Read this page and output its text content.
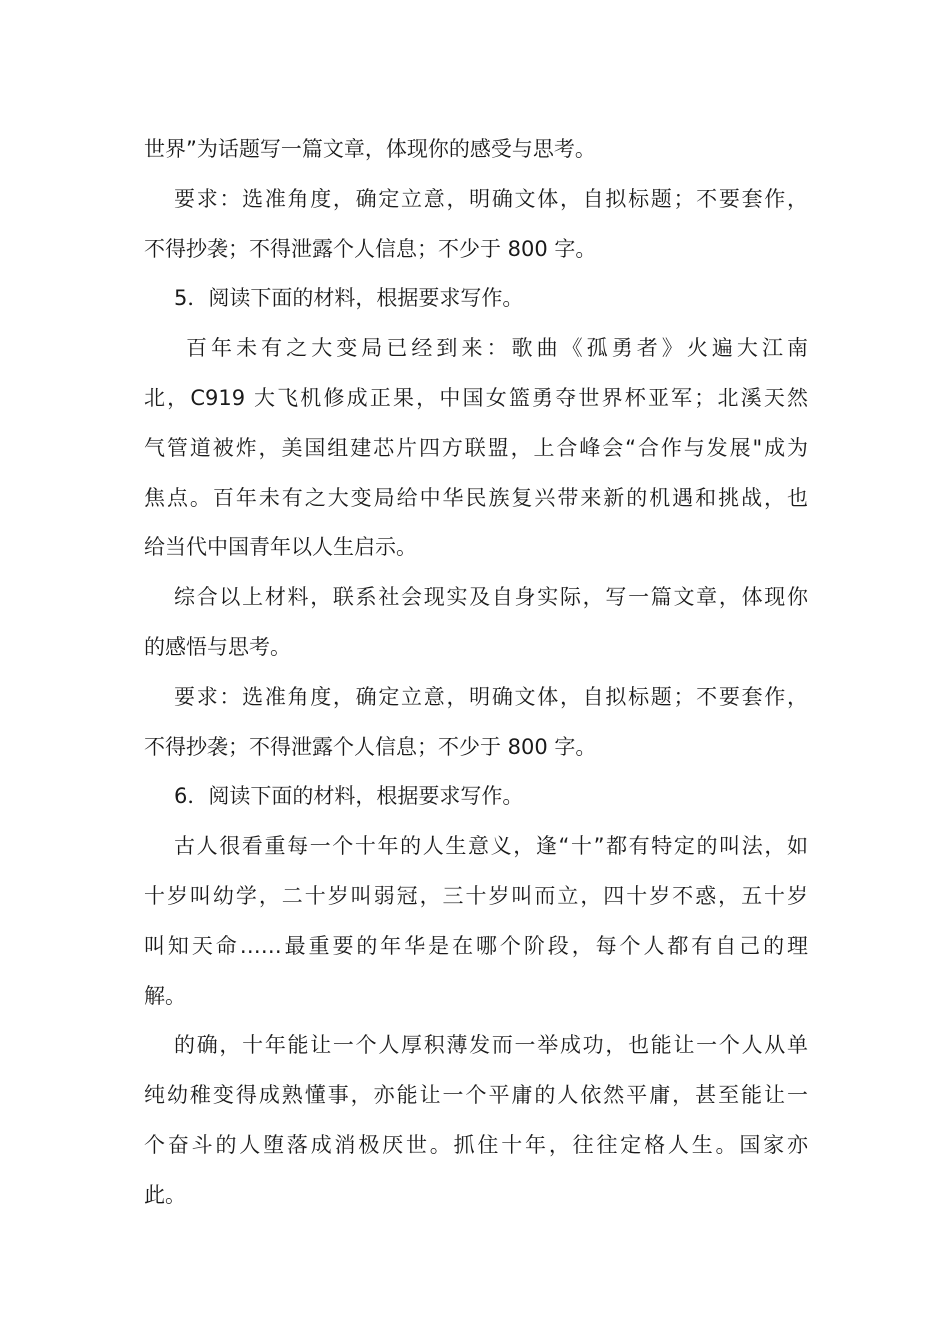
世界”为话题写一篇文章，体现你的感受与思考。
要求：选准角度，确定立意，明确文体，自拟标题；不要套作，
不得抄袭；不得泄露个人信息；不少于 800 字。
5．阅读下面的材料，根据要求写作。
百年未有之大变局已经到来：歌曲《孤勇者》火遍大江南
北，C919 大飞机修成正果，中国女篮勇夺世界杯亚军；北溪天然
气管道被炸，美国组建芯片四方联盟，上合峰会“合作与发展"成为
焦点。百年未有之大变局给中华民族复兴带来新的机遇和挑战，也
给当代中国青年以人生启示。
综合以上材料，联系社会现实及自身实际，写一篇文章，体现你
的感悟与思考。
要求：选准角度，确定立意，明确文体，自拟标题；不要套作，
不得抄袭；不得泄露个人信息；不少于 800 字。
6．阅读下面的材料，根据要求写作。
古人很看重每一个十年的人生意义，逢“十”都有特定的叫法，如
十岁叫幼学，二十岁叫弱冠，三十岁叫而立，四十岁不惑，五十岁
叫知天命……最重要的年华是在哪个阶段，每个人都有自己的理
解。
的确，十年能让一个人厚积薄发而一举成功，也能让一个人从单
纯幼稚变得成熟懂事，亦能让一个平庸的人依然平庸，甚至能让一
个奋斗的人堕落成消极厌世。抓住十年，往往定格人生。国家亦
此。
